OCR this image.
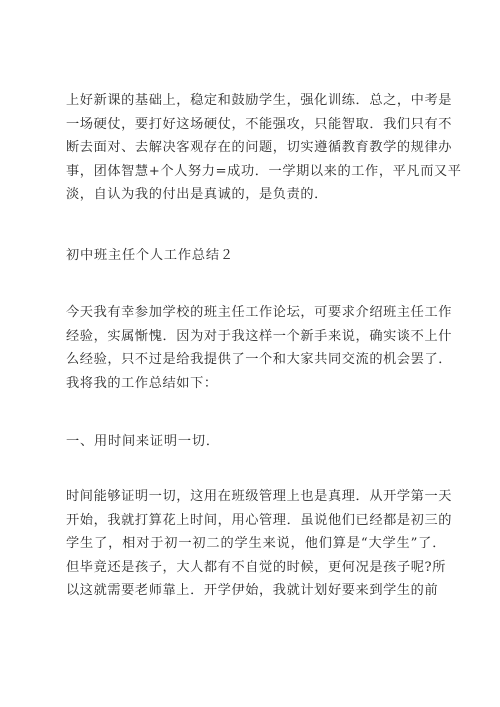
上好新课的基础上，稳定和鼓励学生，强化训练．总之，中考是
一场硬仗，要打好这场硬仗，不能强攻，只能智取．我们只有不
断去面对、去解决客观存在的问题，切实遵循教育教学的规律办
事，团体智慧+个人努力=成功．一学期以来的工作，平凡而又平
淡，自认为我的付出是真诚的，是负责的．
初中班主任个人工作总结２
今天我有幸参加学校的班主任工作论坛，可要求介绍班主任工作
经验，实属惭愧．因为对于我这样一个新手来说，确实谈不上什
么经验，只不过是给我提供了一个和大家共同交流的机会罢了．
我将我的工作总结如下：
一、用时间来证明一切．
时间能够证明一切，这用在班级管理上也是真理．从开学第一天
开始，我就打算花上时间，用心管理．虽说他们已经都是初三的
学生了，相对于初一初二的学生来说，他们算是“大学生”了．
但毕竟还是孩子，大人都有不自觉的时候，更何况是孩子呢?所
以这就需要老师靠上．开学伊始，我就计划好要来到学生的前
